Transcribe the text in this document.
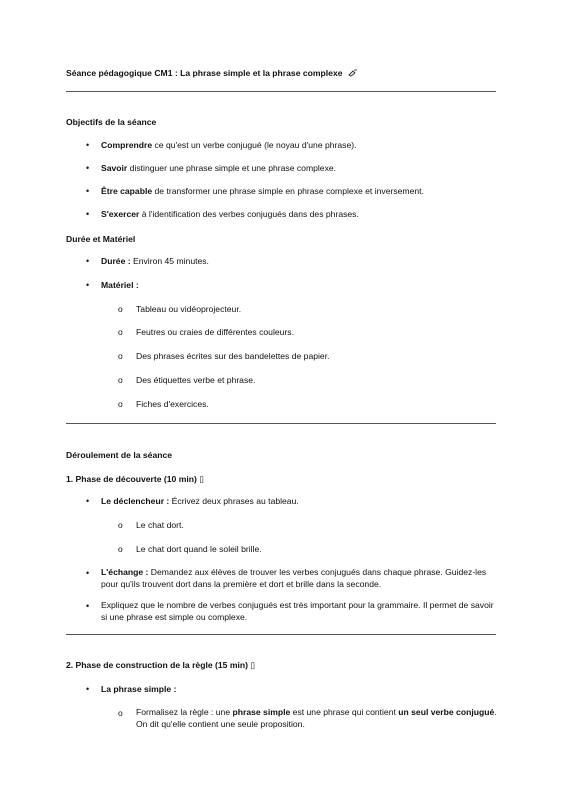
Séance pédagogique CM1 : La phrase simple et la phrase complexe
Objectifs de la séance
• Comprendre ce qu'est un verbe conjugué (le noyau d'une phrase).
• Savoir distinguer une phrase simple et une phrase complexe.
• Être capable de transformer une phrase simple en phrase complexe et inversement.
• S'exercer à l'identification des verbes conjugués dans des phrases.
Durée et Matériel
• Durée : Environ 45 minutes.
• Matériel :
o Tableau ou vidéoprojecteur.
o Feutres ou craies de différentes couleurs.
o Des phrases écrites sur des bandelettes de papier.
o Des étiquettes verbe et phrase.
o Fiches d'exercices.
Déroulement de la séance
1. Phase de découverte (10 min) ▯
• Le déclencheur : Écrivez deux phrases au tableau.
o Le chat dort.
o Le chat dort quand le soleil brille.
• L'échange : Demandez aux élèves de trouver les verbes conjugués dans chaque phrase. Guidez-les pour qu'ils trouvent dort dans la première et dort et brille dans la seconde.
• Expliquez que le nombre de verbes conjugués est très important pour la grammaire. Il permet de savoir si une phrase est simple ou complexe.
2. Phase de construction de la règle (15 min) ▯
• La phrase simple :
o Formalisez la règle : une phrase simple est une phrase qui contient un seul verbe conjugué.
On dit qu'elle contient une seule proposition.
